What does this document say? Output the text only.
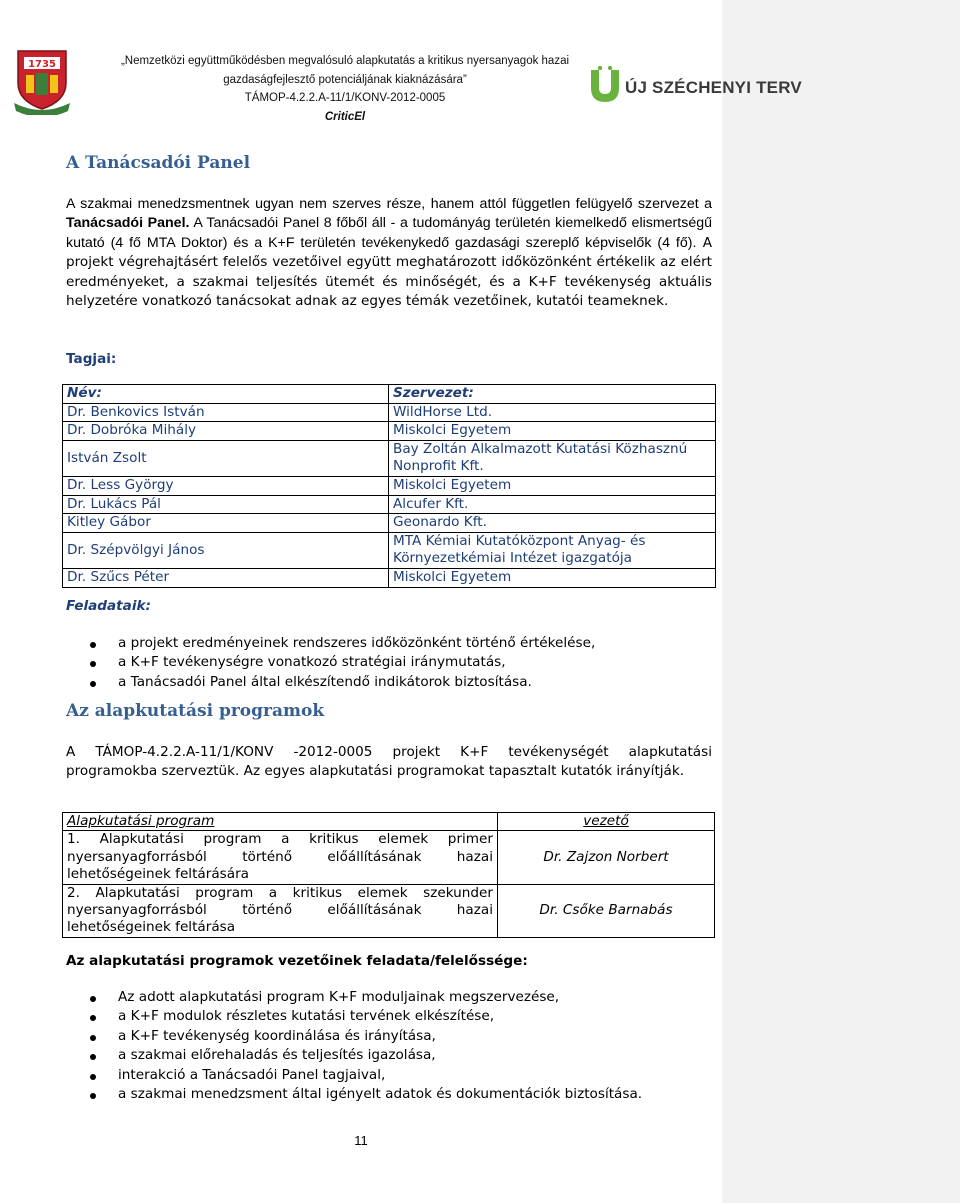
1735	„Nemzetközi együttműködésben megvalósuló alapkutatás a kritikus nyersanyagok hazai
gazdaságfejlesztő potenciáljának kiaknázására”
TÁMOP-4.2.2.A-11/1/KONV-2012-0005
CriticEl
ÚJ SZÉCHENYI TERV
A Tanácsadói Panel

A szakmai menedzsmentnek ugyan nem szerves része, hanem attól független felügyelő szervezet a Tanácsadói Panel. A Tanácsadói Panel 8 főből áll - a tudományág területén kiemelkedő elismertségű kutató (4 fő MTA Doktor) és a K+F területén tevékenykedő gazdasági szereplő képviselők (4 fő). A projekt végrehajtásért felelős vezetőivel együtt meghatározott időközönként értékelik az elért eredményeket, a szakmai teljesítés ütemét és minőségét, és a K+F tevékenység aktuális helyzetére vonatkozó tanácsokat adnak az egyes témák vezetőinek, kutatói teameknek.

Tagjai:

Név:	Szervezet:
Dr. Benkovics István	WildHorse Ltd.
Dr. Dobróka Mihály	Miskolci Egyetem
István Zsolt	Bay Zoltán Alkalmazott Kutatási Közhasznú Nonprofit Kft.
Dr. Less György	Miskolci Egyetem
Dr. Lukács Pál	Alcufer Kft.
Kitley Gábor	Geonardo Kft.
Dr. Szépvölgyi János	MTA Kémiai Kutatóközpont Anyag- és Környezetkémiai Intézet igazgatója
Dr. Szűcs Péter	Miskolci Egyetem

Feladataik:

a projekt eredményeinek rendszeres időközönként történő értékelése,
a K+F tevékenységre vonatkozó stratégiai iránymutatás,
a Tanácsadói Panel által elkészítendő indikátorok biztosítása.
Az alapkutatási programok

A TÁMOP-4.2.2.A-11/1/KONV -2012-0005 projekt K+F tevékenységét alapkutatási programokba szerveztük. Az egyes alapkutatási programokat tapasztalt kutatók irányítják.

Alapkutatási program	vezető
1. Alapkutatási program a kritikus elemek primer nyersanyagforrásból történő előállításának hazai lehetőségeinek feltárására	Dr. Zajzon Norbert
2. Alapkutatási program a kritikus elemek szekunder nyersanyagforrásból történő előállításának hazai lehetőségeinek feltárása	Dr. Csőke Barnabás

Az alapkutatási programok vezetőinek feladata/felelőssége:

Az adott alapkutatási program K+F moduljainak megszervezése,
a K+F modulok részletes kutatási tervének elkészítése,
a K+F tevékenység koordinálása és irányítása,
a szakmai előrehaladás és teljesítés igazolása,
interakció a Tanácsadói Panel tagjaival,
a szakmai menedzsment által igényelt adatok és dokumentációk biztosítása.
11
